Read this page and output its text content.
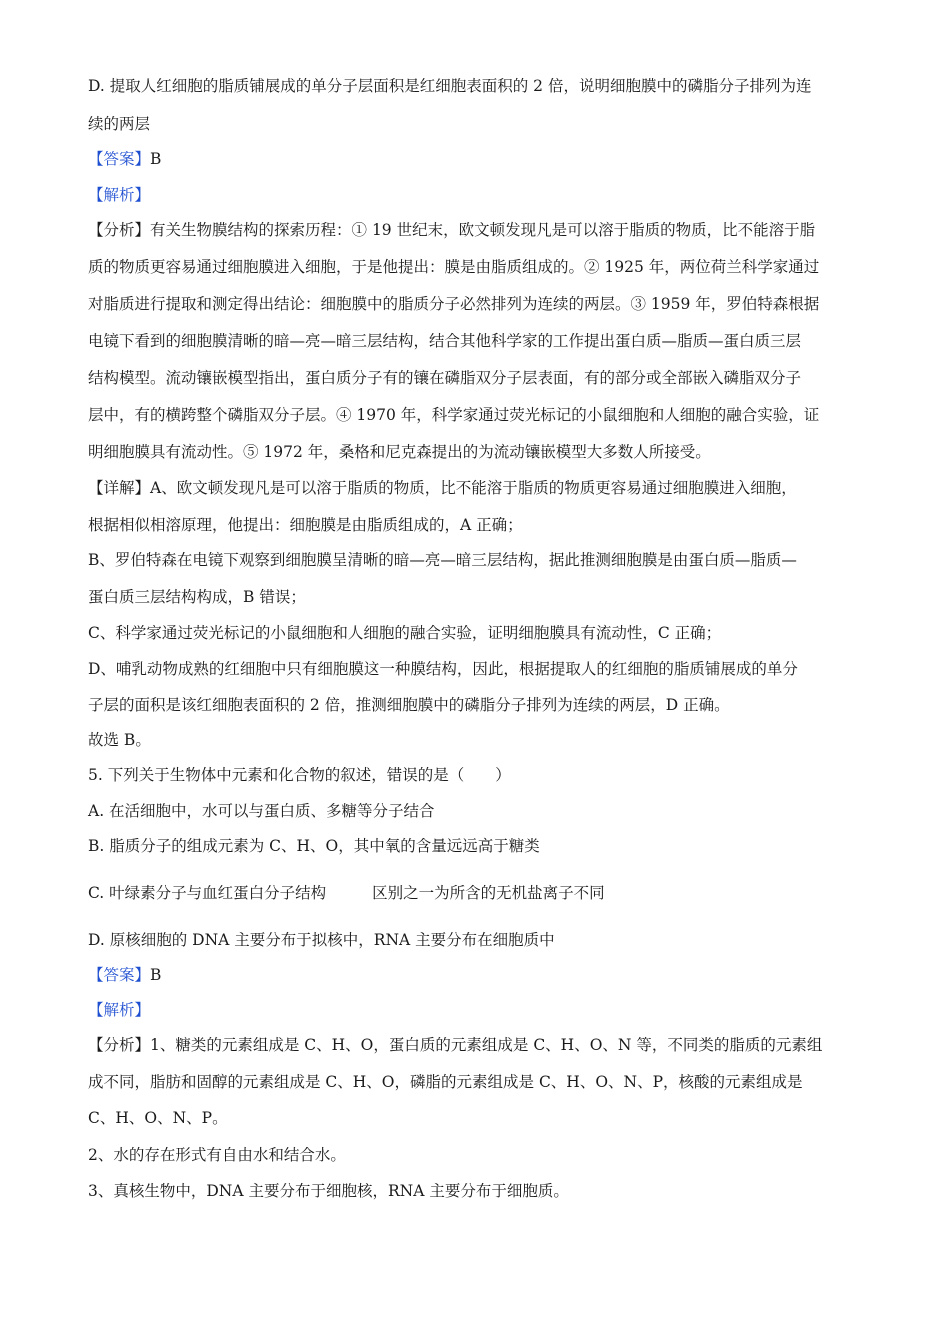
D. 提取人红细胞的脂质铺展成的单分子层面积是红细胞表面积的 2 倍，说明细胞膜中的磷脂分子排列为连
续的两层
【答案】B
【解析】
【分析】有关生物膜结构的探索历程：① 19 世纪末，欧文顿发现凡是可以溶于脂质的物质，比不能溶于脂
质的物质更容易通过细胞膜进入细胞，于是他提出：膜是由脂质组成的。② 1925 年，两位荷兰科学家通过
对脂质进行提取和测定得出结论：细胞膜中的脂质分子必然排列为连续的两层。③ 1959 年，罗伯特森根据
电镜下看到的细胞膜清晰的暗—亮—暗三层结构，结合其他科学家的工作提出蛋白质—脂质—蛋白质三层
结构模型。流动镶嵌模型指出，蛋白质分子有的镶在磷脂双分子层表面，有的部分或全部嵌入磷脂双分子
层中，有的横跨整个磷脂双分子层。④ 1970 年，科学家通过荧光标记的小鼠细胞和人细胞的融合实验，证
明细胞膜具有流动性。⑤ 1972 年，桑格和尼克森提出的为流动镶嵌模型大多数人所接受。
【详解】A、欧文顿发现凡是可以溶于脂质的物质，比不能溶于脂质的物质更容易通过细胞膜进入细胞，
根据相似相溶原理，他提出：细胞膜是由脂质组成的，A 正确；
B、罗伯特森在电镜下观察到细胞膜呈清晰的暗—亮—暗三层结构，据此推测细胞膜是由蛋白质—脂质—
蛋白质三层结构构成，B 错误；
C、科学家通过荧光标记的小鼠细胞和人细胞的融合实验，证明细胞膜具有流动性，C 正确；
D、哺乳动物成熟的红细胞中只有细胞膜这一种膜结构，因此，根据提取人的红细胞的脂质铺展成的单分
子层的面积是该红细胞表面积的 2 倍，推测细胞膜中的磷脂分子排列为连续的两层，D 正确。
故选 B。
5. 下列关于生物体中元素和化合物的叙述，错误的是（　　）
A. 在活细胞中，水可以与蛋白质、多糖等分子结合
B. 脂质分子的组成元素为 C、H、O，其中氧的含量远远高于糖类
C. 叶绿素分子与血红蛋白分子结构	区别之一为所含的无机盐离子不同
D. 原核细胞的 DNA 主要分布于拟核中，RNA 主要分布在细胞质中
【答案】B
【解析】
【分析】1、糖类的元素组成是 C、H、O，蛋白质的元素组成是 C、H、O、N 等，不同类的脂质的元素组
成不同，脂肪和固醇的元素组成是 C、H、O，磷脂的元素组成是 C、H、O、N、P，核酸的元素组成是
C、H、O、N、P。
2、水的存在形式有自由水和结合水。
3、真核生物中，DNA 主要分布于细胞核，RNA 主要分布于细胞质。
